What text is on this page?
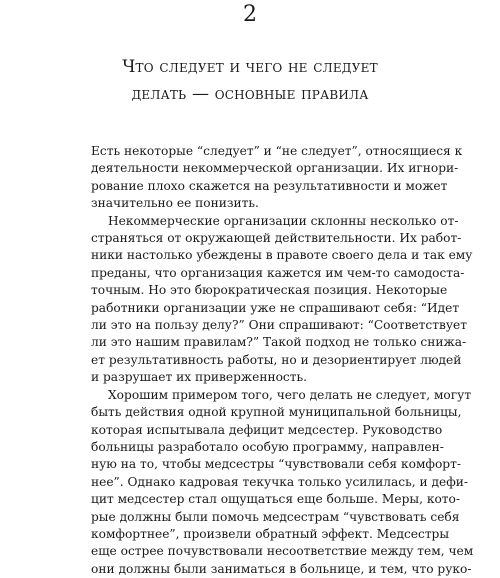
2
Что следует и чего не следует
делать — основные правила
Есть некоторые “следует” и “не следует”, относящиеся к
деятельности некоммерческой организации. Их игнори-
рование плохо скажется на результативности и может
значительно ее понизить.
Некоммерческие организации склонны несколько от-
страняться от окружающей действительности. Их работ-
ники настолько убеждены в правоте своего дела и так ему
преданы, что организация кажется им чем-то самодоста-
точным. Но это бюрократическая позиция. Некоторые
работники организации уже не спрашивают себя: “Идет
ли это на пользу делу?” Они спрашивают: “Соответствует
ли это нашим правилам?” Такой подход не только снижа-
ет результативность работы, но и дезориентирует людей
и разрушает их приверженность.
Хорошим примером того, чего делать не следует, могут
быть действия одной крупной муниципальной больницы,
которая испытывала дефицит медсестер. Руководство
больницы разработало особую программу, направлен-
ную на то, чтобы медсестры “чувствовали себя комфорт-
нее”. Однако кадровая текучка только усилилась, и дефи-
цит медсестер стал ощущаться еще больше. Меры, кото-
рые должны были помочь медсестрам “чувствовать себя
комфортнее”, произвели обратный эффект. Медсестры
еще острее почувствовали несоответствие между тем, чем
они должны были заниматься в больнице, и тем, что руко-
